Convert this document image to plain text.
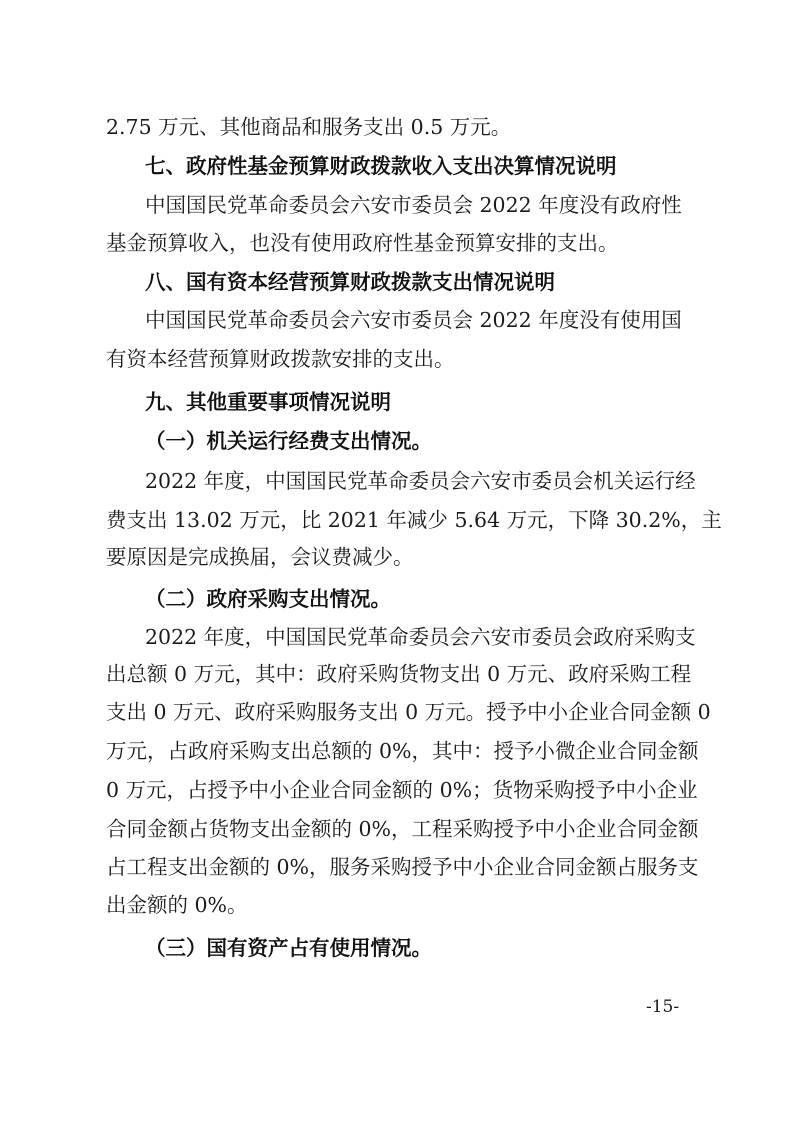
2.75 万元、其他商品和服务支出 0.5 万元。
七、政府性基金预算财政拨款收入支出决算情况说明
中国国民党革命委员会六安市委员会 2022 年度没有政府性
基金预算收入，也没有使用政府性基金预算安排的支出。
八、国有资本经营预算财政拨款支出情况说明
中国国民党革命委员会六安市委员会 2022 年度没有使用国
有资本经营预算财政拨款安排的支出。
九、其他重要事项情况说明
（一）机关运行经费支出情况。
2022 年度，中国国民党革命委员会六安市委员会机关运行经
费支出 13.02 万元，比 2021 年减少 5.64 万元，下降 30.2%，主
要原因是完成换届，会议费减少。
（二）政府采购支出情况。
2022 年度，中国国民党革命委员会六安市委员会政府采购支
出总额 0 万元，其中：政府采购货物支出 0 万元、政府采购工程
支出 0 万元、政府采购服务支出 0 万元。授予中小企业合同金额 0
万元，占政府采购支出总额的 0%，其中：授予小微企业合同金额
0 万元，占授予中小企业合同金额的 0%；货物采购授予中小企业
合同金额占货物支出金额的 0%，工程采购授予中小企业合同金额
占工程支出金额的 0%，服务采购授予中小企业合同金额占服务支
出金额的 0%。
（三）国有资产占有使用情况。
-15-
